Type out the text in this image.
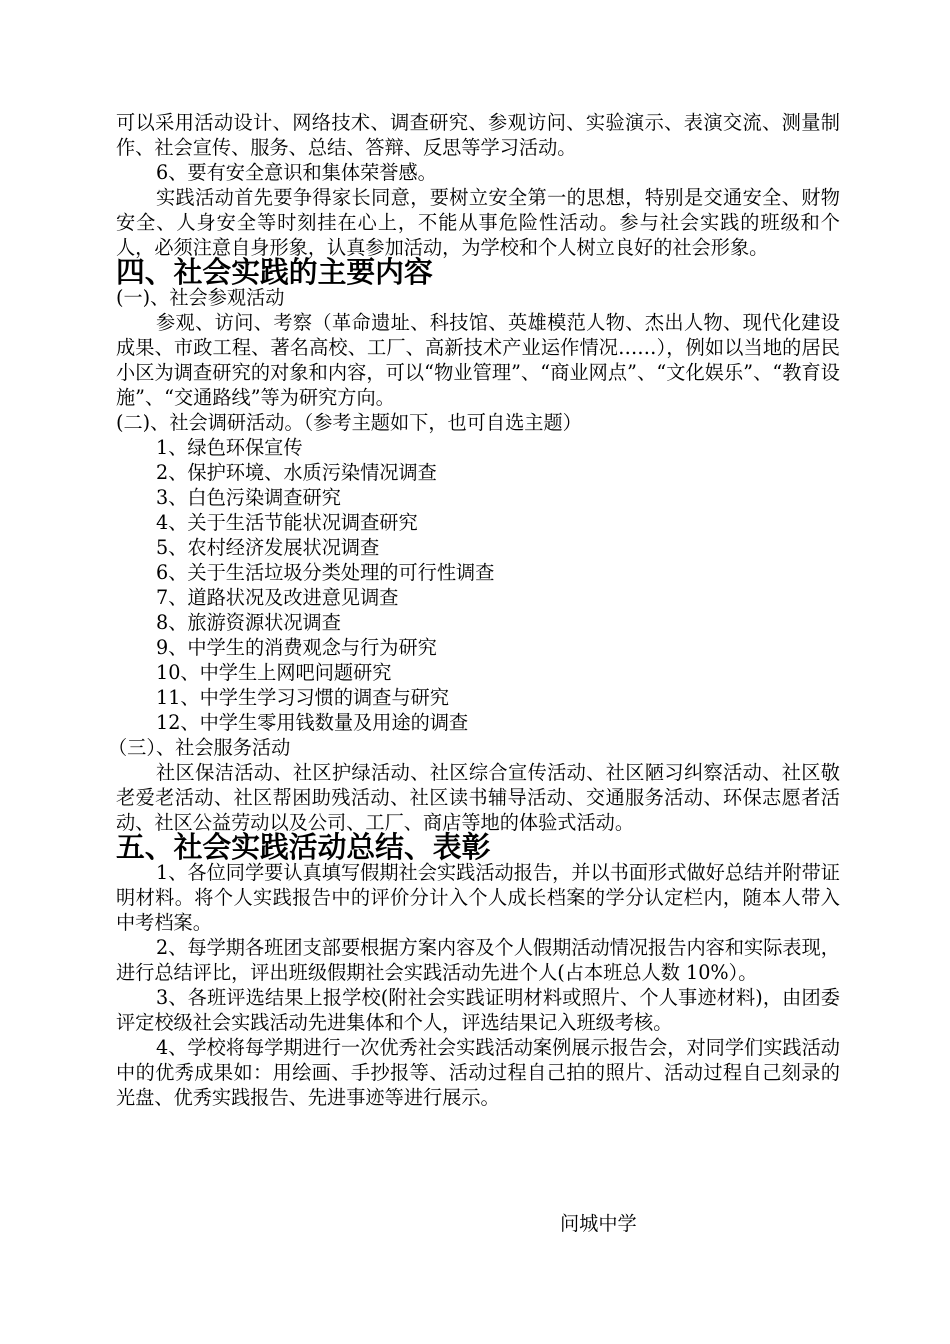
可以采用活动设计、网络技术、调查研究、参观访问、实验演示、表演交流、测量制作、社会宣传、服务、总结、答辩、反思等学习活动。

6、要有安全意识和集体荣誉感。

实践活动首先要争得家长同意，要树立安全第一的思想，特别是交通安全、财物安全、人身安全等时刻挂在心上，不能从事危险性活动。参与社会实践的班级和个人，必须注意自身形象，认真参加活动，为学校和个人树立良好的社会形象。

四、社会实践的主要内容

(一)、社会参观活动

参观、访问、考察（革命遗址、科技馆、英雄模范人物、杰出人物、现代化建设成果、市政工程、著名高校、工厂、高新技术产业运作情况……），例如以当地的居民小区为调查研究的对象和内容，可以“物业管理”、“商业网点”、“文化娱乐”、“教育设施”、“交通路线”等为研究方向。

(二)、社会调研活动。（参考主题如下，也可自选主题）

1、绿色环保宣传
2、保护环境、水质污染情况调查
3、白色污染调查研究
4、关于生活节能状况调查研究
5、农村经济发展状况调查
6、关于生活垃圾分类处理的可行性调查
7、道路状况及改进意见调查
8、旅游资源状况调查
9、中学生的消费观念与行为研究
10、中学生上网吧问题研究
11、中学生学习习惯的调查与研究
12、中学生零用钱数量及用途的调查

（三）、社会服务活动

社区保洁活动、社区护绿活动、社区综合宣传活动、社区陋习纠察活动、社区敬老爱老活动、社区帮困助残活动、社区读书辅导活动、交通服务活动、环保志愿者活动、社区公益劳动以及公司、工厂、商店等地的体验式活动。

五、社会实践活动总结、表彰

1、各位同学要认真填写假期社会实践活动报告，并以书面形式做好总结并附带证明材料。将个人实践报告中的评价分计入个人成长档案的学分认定栏内，随本人带入中考档案。

2、每学期各班团支部要根据方案内容及个人假期活动情况报告内容和实际表现，进行总结评比，评出班级假期社会实践活动先进个人(占本班总人数 10%）。

3、各班评选结果上报学校(附社会实践证明材料或照片、个人事迹材料)，由团委评定校级社会实践活动先进集体和个人，评选结果记入班级考核。

4、学校将每学期进行一次优秀社会实践活动案例展示报告会，对同学们实践活动中的优秀成果如：用绘画、手抄报等、活动过程自己拍的照片、活动过程自己刻录的光盘、优秀实践报告、先进事迹等进行展示。

问城中学
